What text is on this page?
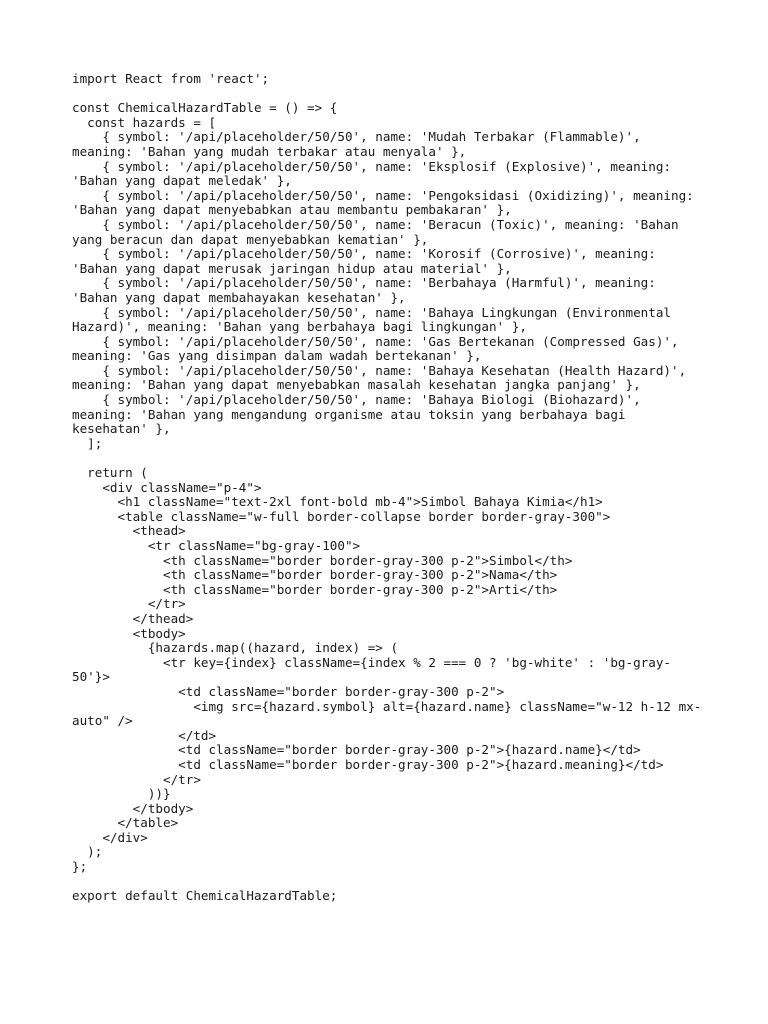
import React from 'react';
const ChemicalHazardTable = () => {
const hazards = [
{ symbol: '/api/placeholder/50/50', name: 'Mudah Terbakar (Flammable)',
meaning: 'Bahan yang mudah terbakar atau menyala' },
{ symbol: '/api/placeholder/50/50', name: 'Eksplosif (Explosive)', meaning:
'Bahan yang dapat meledak' },
{ symbol: '/api/placeholder/50/50', name: 'Pengoksidasi (Oxidizing)', meaning:
'Bahan yang dapat menyebabkan atau membantu pembakaran' },
{ symbol: '/api/placeholder/50/50', name: 'Beracun (Toxic)', meaning: 'Bahan
yang beracun dan dapat menyebabkan kematian' },
{ symbol: '/api/placeholder/50/50', name: 'Korosif (Corrosive)', meaning:
'Bahan yang dapat merusak jaringan hidup atau material' },
{ symbol: '/api/placeholder/50/50', name: 'Berbahaya (Harmful)', meaning:
'Bahan yang dapat membahayakan kesehatan' },
{ symbol: '/api/placeholder/50/50', name: 'Bahaya Lingkungan (Environmental
Hazard)', meaning: 'Bahan yang berbahaya bagi lingkungan' },
{ symbol: '/api/placeholder/50/50', name: 'Gas Bertekanan (Compressed Gas)',
meaning: 'Gas yang disimpan dalam wadah bertekanan' },
{ symbol: '/api/placeholder/50/50', name: 'Bahaya Kesehatan (Health Hazard)',
meaning: 'Bahan yang dapat menyebabkan masalah kesehatan jangka panjang' },
{ symbol: '/api/placeholder/50/50', name: 'Bahaya Biologi (Biohazard)',
meaning: 'Bahan yang mengandung organisme atau toksin yang berbahaya bagi
kesehatan' },
];
return (
<div className="p-4">
<h1 className="text-2xl font-bold mb-4">Simbol Bahaya Kimia</h1>
<table className="w-full border-collapse border border-gray-300">
<thead>
<tr className="bg-gray-100">
<th className="border border-gray-300 p-2">Simbol</th>
<th className="border border-gray-300 p-2">Nama</th>
<th className="border border-gray-300 p-2">Arti</th>
</tr>
</thead>
<tbody>
{hazards.map((hazard, index) => (
<tr key={index} className={index % 2 === 0 ? 'bg-white' : 'bg-gray-
50'}>
<td className="border border-gray-300 p-2">
<img src={hazard.symbol} alt={hazard.name} className="w-12 h-12 mx-
auto" />
</td>
<td className="border border-gray-300 p-2">{hazard.name}</td>
<td className="border border-gray-300 p-2">{hazard.meaning}</td>
</tr>
))}
</tbody>
</table>
</div>
);
};
export default ChemicalHazardTable;
